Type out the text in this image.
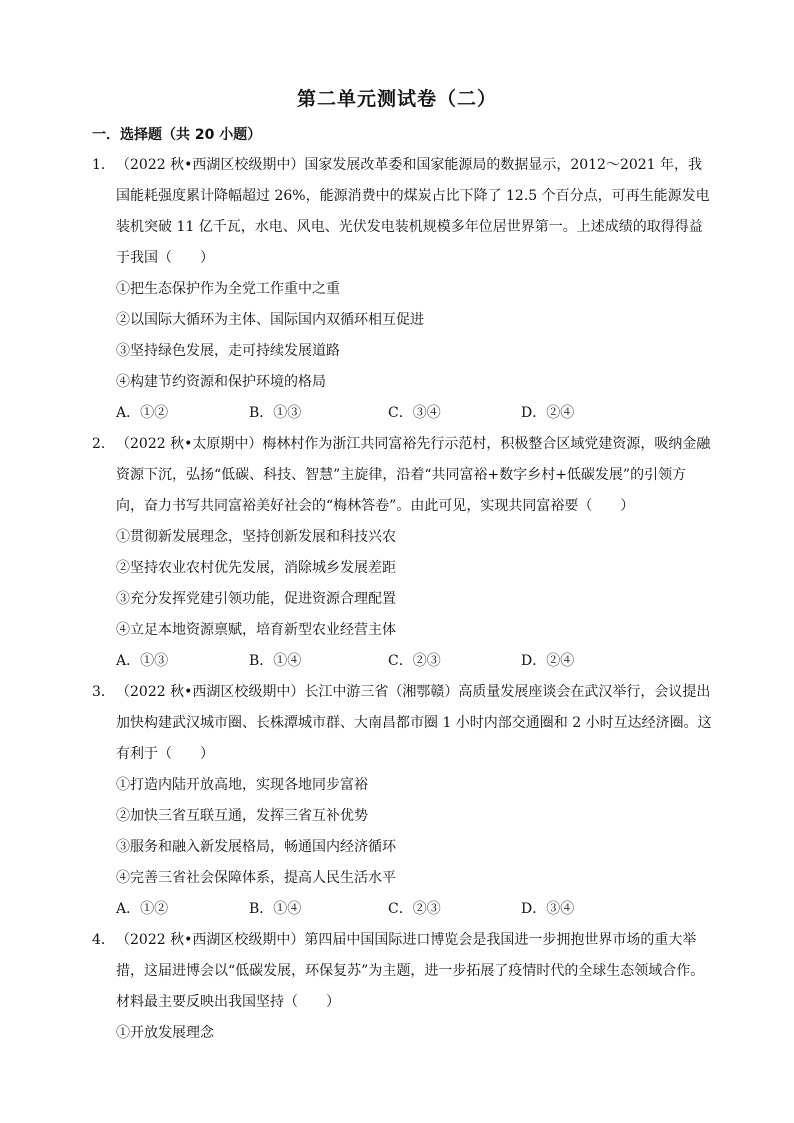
第二单元测试卷（二）
一．选择题（共 20 小题）

1． （2022 秋•西湖区校级期中）国家发展改革委和国家能源局的数据显示，2012～2021 年，我国能耗强度累计降幅超过 26%，能源消费中的煤炭占比下降了 12.5 个百分点，可再生能源发电装机突破 11 亿千瓦，水电、风电、光伏发电装机规模多年位居世界第一。上述成绩的取得得益于我国（　　）

①把生态保护作为全党工作重中之重

②以国际大循环为主体、国际国内双循环相互促进

③坚持绿色发展，走可持续发展道路

④构建节约资源和保护环境的格局

A．①②	B．①③	C．③④	D．②④

2． （2022 秋•太原期中）梅林村作为浙江共同富裕先行示范村，积极整合区域党建资源，吸纳金融资源下沉，弘扬“低碳、科技、智慧”主旋律，沿着“共同富裕+数字乡村+低碳发展”的引领方向，奋力书写共同富裕美好社会的“梅林答卷”。由此可见，实现共同富裕要（　　）

①贯彻新发展理念，坚持创新发展和科技兴农

②坚持农业农村优先发展，消除城乡发展差距

③充分发挥党建引领功能，促进资源合理配置

④立足本地资源禀赋，培育新型农业经营主体

A．①③	B．①④	C．②③	D．②④

3． （2022 秋•西湖区校级期中）长江中游三省（湘鄂赣）高质量发展座谈会在武汉举行，会议提出加快构建武汉城市圈、长株潭城市群、大南昌都市圈 1 小时内部交通圈和 2 小时互达经济圈。这有利于（　　）

①打造内陆开放高地，实现各地同步富裕

②加快三省互联互通，发挥三省互补优势

③服务和融入新发展格局，畅通国内经济循环

④完善三省社会保障体系，提高人民生活水平

A．①②	B．①④	C．②③	D．③④

4． （2022 秋•西湖区校级期中）第四届中国国际进口博览会是我国进一步拥抱世界市场的重大举措，这届进博会以“低碳发展，环保复苏”为主题，进一步拓展了疫情时代的全球生态领域合作。材料最主要反映出我国坚持（　　）

①开放发展理念
